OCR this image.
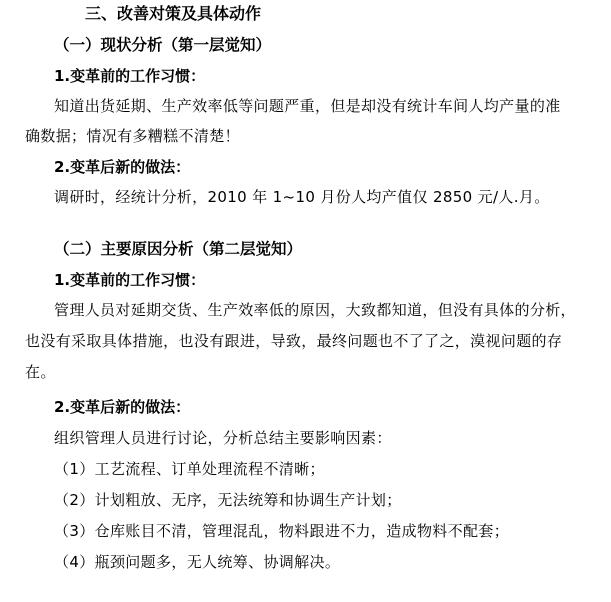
三、改善对策及具体动作
（一）现状分析（第一层觉知）
1.变革前的工作习惯：
知道出货延期、生产效率低等问题严重，但是却没有统计车间人均产量的准
确数据；情况有多糟糕不清楚！
2.变革后新的做法：
调研时，经统计分析，2010 年 1~10 月份人均产值仅 2850 元/人.月。
（二）主要原因分析（第二层觉知）
1.变革前的工作习惯：
管理人员对延期交货、生产效率低的原因，大致都知道，但没有具体的分析，
也没有采取具体措施，也没有跟进，导致，最终问题也不了了之，漠视问题的存
在。
2.变革后新的做法：
组织管理人员进行讨论，分析总结主要影响因素：
（1）工艺流程、订单处理流程不清晰；
（2）计划粗放、无序，无法统筹和协调生产计划；
（3）仓库账目不清，管理混乱，物料跟进不力，造成物料不配套；
（4）瓶颈问题多，无人统筹、协调解决。
